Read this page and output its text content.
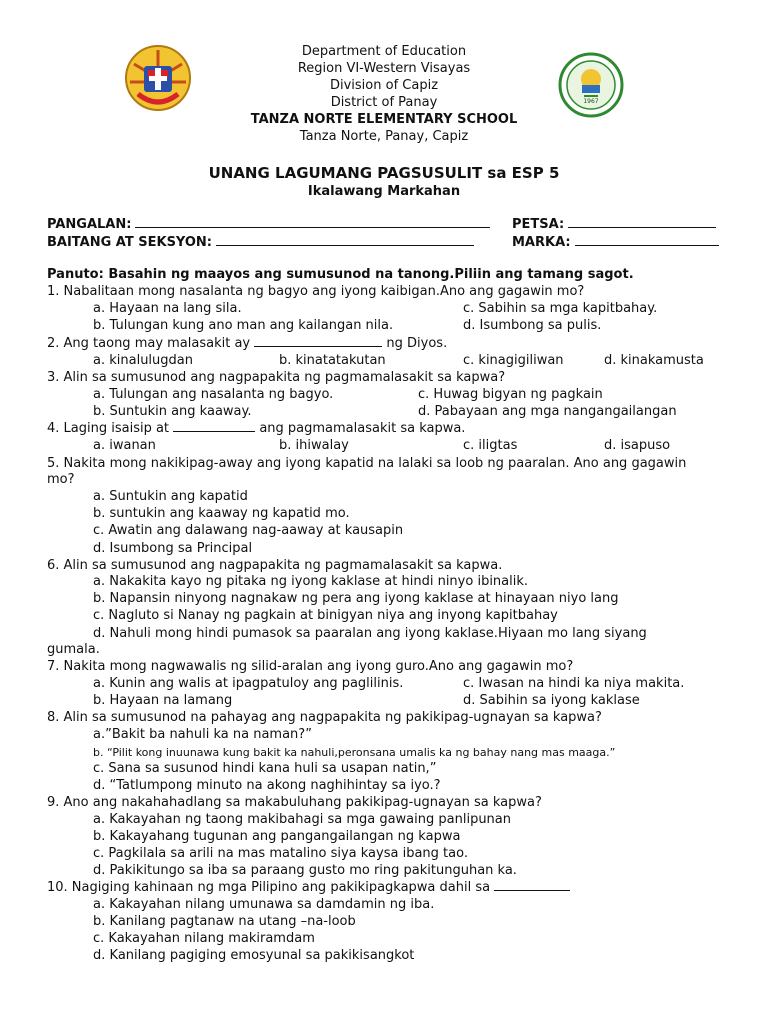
1967
Department of Education
Region VI-Western Visayas
Division of Capiz
District of Panay
TANZA NORTE ELEMENTARY SCHOOL
Tanza Norte, Panay, Capiz
UNANG LAGUMANG PAGSUSULIT sa ESP 5
Ikalawang Markahan
PANGALAN:	PETSA:
BAITANG AT SEKSYON:	MARKA:
Panuto: Basahin ng maayos ang sumusunod na tanong.Piliin ang tamang sagot.
1. Nabalitaan mong nasalanta ng bagyo ang iyong kaibigan.Ano ang gagawin mo?
a. Hayaan na lang sila.	c. Sabihin sa mga kapitbahay.
b. Tulungan kung ano man ang kailangan nila.	d. Isumbong sa pulis.
2. Ang taong may malasakit ay	ng Diyos.
a. kinalulugdan	b. kinatatakutan	c. kinagigiliwan	d. kinakamusta
3. Alin sa sumusunod ang nagpapakita ng pagmamalasakit sa kapwa?
a. Tulungan ang nasalanta ng bagyo.	c. Huwag bigyan ng pagkain
b. Suntukin ang kaaway.	d. Pabayaan ang mga nangangailangan
4. Laging isaisip at	ang pagmamalasakit sa kapwa.
a. iwanan	b. ihiwalay	c. iligtas	d. isapuso
5. Nakita mong nakikipag-away ang iyong kapatid na lalaki sa loob ng paaralan. Ano ang gagawin
mo?
a. Suntukin ang kapatid
b. suntukin ang kaaway ng kapatid mo.
c. Awatin ang dalawang nag-aaway at kausapin
d. Isumbong sa Principal
6. Alin sa sumusunod ang nagpapakita ng pagmamalasakit sa kapwa.
a. Nakakita kayo ng pitaka ng iyong kaklase at hindi ninyo ibinalik.
b. Napansin ninyong nagnakaw ng pera ang iyong kaklase at hinayaan niyo lang
c. Nagluto si Nanay ng pagkain at binigyan niya ang inyong kapitbahay
d. Nahuli mong hindi pumasok sa paaralan ang iyong kaklase.Hiyaan mo lang siyang
gumala.
7. Nakita mong nagwawalis ng silid-aralan ang iyong guro.Ano ang gagawin mo?
a. Kunin ang walis at ipagpatuloy ang paglilinis.	c. Iwasan na hindi ka niya makita.
b. Hayaan na lamang	d. Sabihin sa iyong kaklase
8. Alin sa sumusunod na pahayag ang nagpapakita ng pakikipag-ugnayan sa kapwa?
a.”Bakit ba nahuli ka na naman?”
b. “Pilit kong inuunawa kung bakit ka nahuli,peronsana umalis ka ng bahay nang mas maaga.”
c. Sana sa susunod hindi kana huli sa usapan natin,”
d. “Tatlumpong minuto na akong naghihintay sa iyo.?
9. Ano ang nakahahadlang sa makabuluhang pakikipag-ugnayan sa kapwa?
a. Kakayahan ng taong makibahagi sa mga gawaing panlipunan
b. Kakayahang tugunan ang pangangailangan ng kapwa
c. Pagkilala sa arili na mas matalino siya kaysa ibang tao.
d. Pakikitungo sa iba sa paraang gusto mo ring pakitunguhan ka.
10. Nagiging kahinaan ng mga Pilipino ang pakikipagkapwa dahil sa
a. Kakayahan nilang umunawa sa damdamin ng iba.
b. Kanilang pagtanaw na utang –na-loob
c. Kakayahan nilang makiramdam
d. Kanilang pagiging emosyunal sa pakikisangkot
